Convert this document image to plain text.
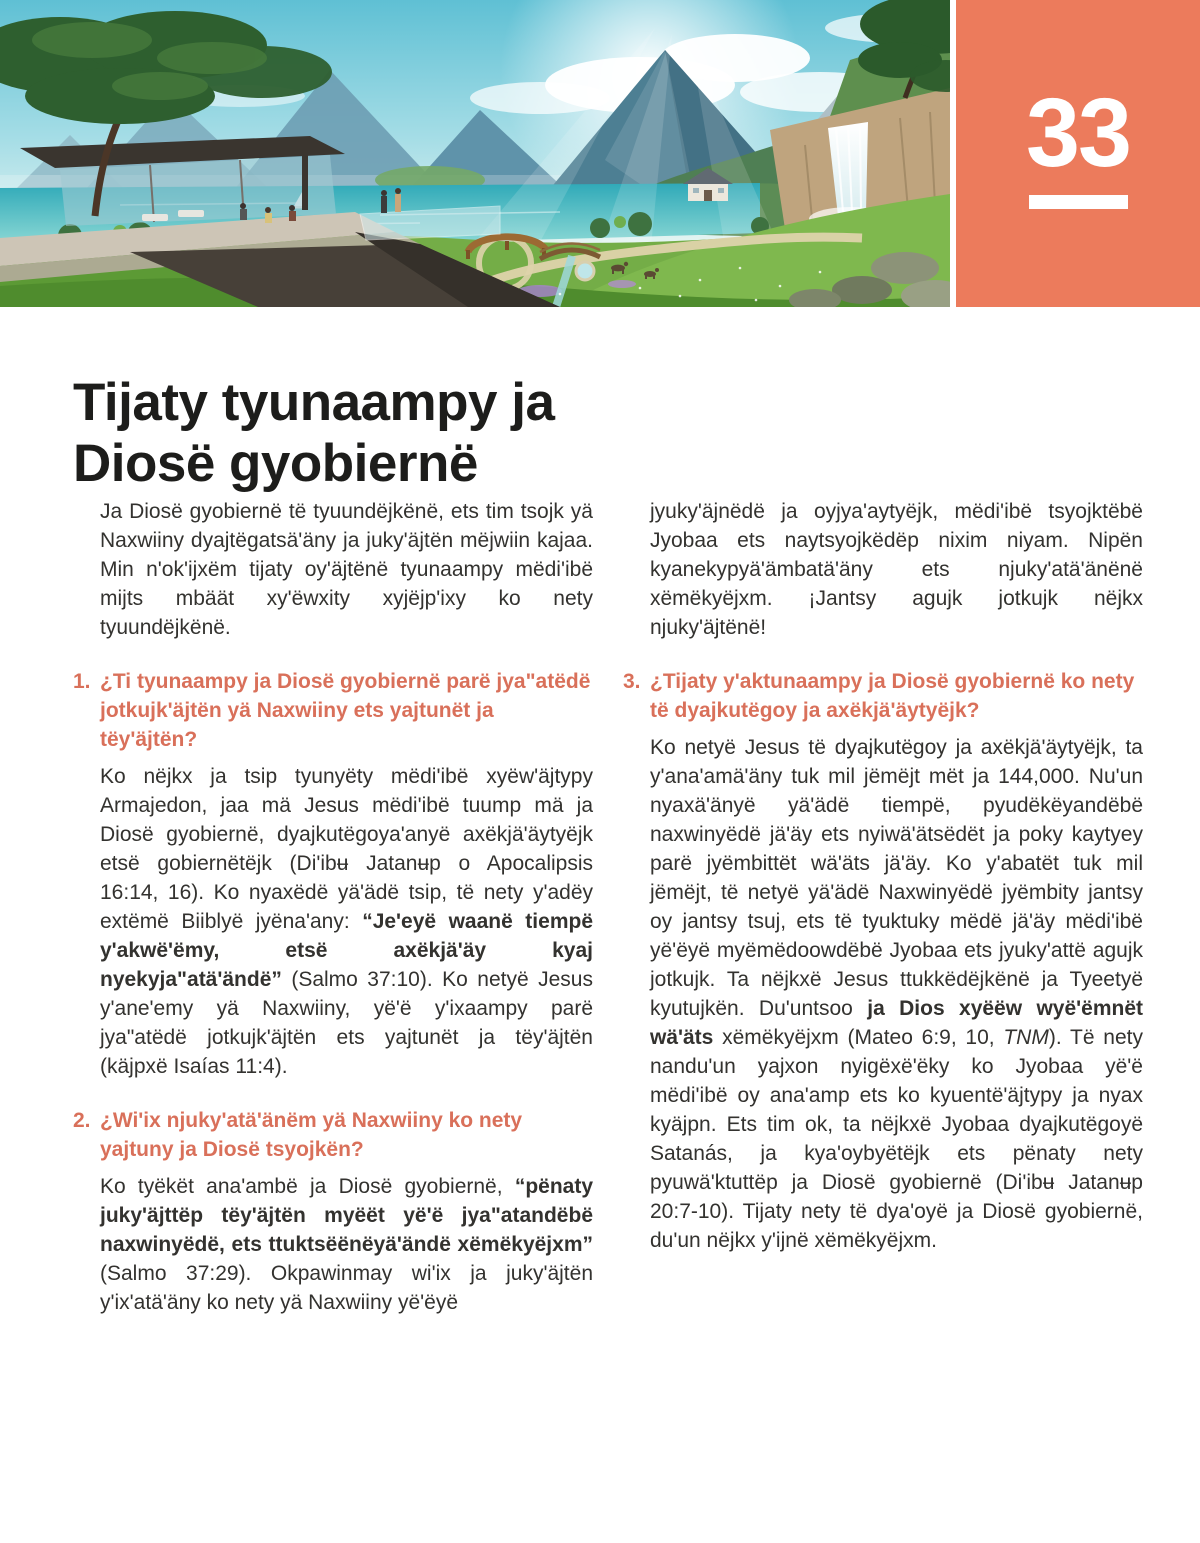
33
Tijaty tyunaampy ja
Diosë gyobiernë

Ja Diosë gyobiernë të tyuundëjkënë, ets tim tsojk yä Naxwiiny dyajtëgatsä'äny ja juky'äjtën mëjwiin kajaa. Min n'ok'ijxëm tijaty oy'äjtënë tyunaampy mëdi'ibë mijts mbäät xy'ëwxity xyjëjp'ixy ko nety tyuundëjkënë.

1. ¿Ti tyunaampy ja Diosë gyobiernë parë jya"atëdë jotkujk'äjtën yä Naxwiiny ets yajtunët ja tëy'äjtën?

Ko nëjkx ja tsip tyunyëty mëdi'ibë xyëw'äjtypy Armajedon, jaa mä Jesus mëdi'ibë tuump mä ja Diosë gyobiernë, dyajkutëgoya'anyë axëkjä'äytyëjk etsë gobiernëtëjk (Di'ibʉ Jatanʉp o Apocalipsis 16:14, 16). Ko nyaxëdë yä'ädë tsip, të nety y'adëy extëmë Biiblyë jyëna'any: “Je'eyë waanë tiempë y'akwë'ëmy, etsë axëkjä'äy kyaj nyekyja"atä'ändë” (Salmo 37:10). Ko netyë Jesus y'ane'emy yä Naxwiiny, yë'ë y'ixaampy parë jya"atëdë jotkujk'äjtën ets yajtunët ja tëy'äjtën (käjpxë Isaías 11:4).

2. ¿Wi'ix njuky'atä'änëm yä Naxwiiny ko nety yajtuny ja Diosë tsyojkën?

Ko tyëkët ana'ambë ja Diosë gyobiernë, “pënaty juky'äjttëp tëy'äjtën myëët yë'ë jya"atandëbë naxwinyëdë, ets ttuktsëënëyä'ändë xëmëkyëjxm” (Salmo 37:29). Okpawinmay wi'ix ja juky'äjtën y'ix'atä'äny ko nety yä Naxwiiny yë'ëyë

jyuky'äjnëdë ja oyjya'aytyëjk, mëdi'ibë tsyojktëbë Jyobaa ets naytsyojkëdëp nixim niyam. Nipën kyanekypyä'ämbatä'äny ets njuky'atä'änënë xëmëkyëjxm. ¡Jantsy agujk jotkujk nëjkx njuky'äjtënë!

3. ¿Tijaty y'aktunaampy ja Diosë gyobiernë ko nety të dyajkutëgoy ja axëkjä'äytyëjk?

Ko netyë Jesus të dyajkutëgoy ja axëkjä'äytyëjk, ta y'ana'amä'äny tuk mil jëmëjt mët ja 144,000. Nu'un nyaxä'änyë yä'ädë tiempë, pyudëkëyandëbë naxwinyëdë jä'äy ets nyiwä'ätsëdët ja poky kaytyey parë jyëmbittët wä'äts jä'äy. Ko y'abatët tuk mil jëmëjt, të netyë yä'ädë Naxwinyëdë jyëmbity jantsy oy jantsy tsuj, ets të tyuktuky mëdë jä'äy mëdi'ibë yë'ëyë myëmëdoowdëbë Jyobaa ets jyuky'attë agujk jotkujk. Ta nëjkxë Jesus ttukkëdëjkënë ja Tyeetyë kyutujkën. Du'untsoo ja Dios xyëëw wyë'ëmnët wä'äts xëmëkyëjxm (Mateo 6:9, 10, TNM). Të nety nandu'un yajxon nyigëxë'ëky ko Jyobaa yë'ë mëdi'ibë oy ana'amp ets ko kyuentë'äjtypy ja nyax kyäjpn. Ets tim ok, ta nëjkxë Jyobaa dyajkutëgoyë Satanás, ja kya'oybyëtëjk ets pënaty nety pyuwä'ktuttëp ja Diosë gyobiernë (Di'ibʉ Jatanʉp 20:7-10). Tijaty nety të dya'oyë ja Diosë gyobiernë, du'un nëjkx y'ijnë xëmëkyëjxm.
